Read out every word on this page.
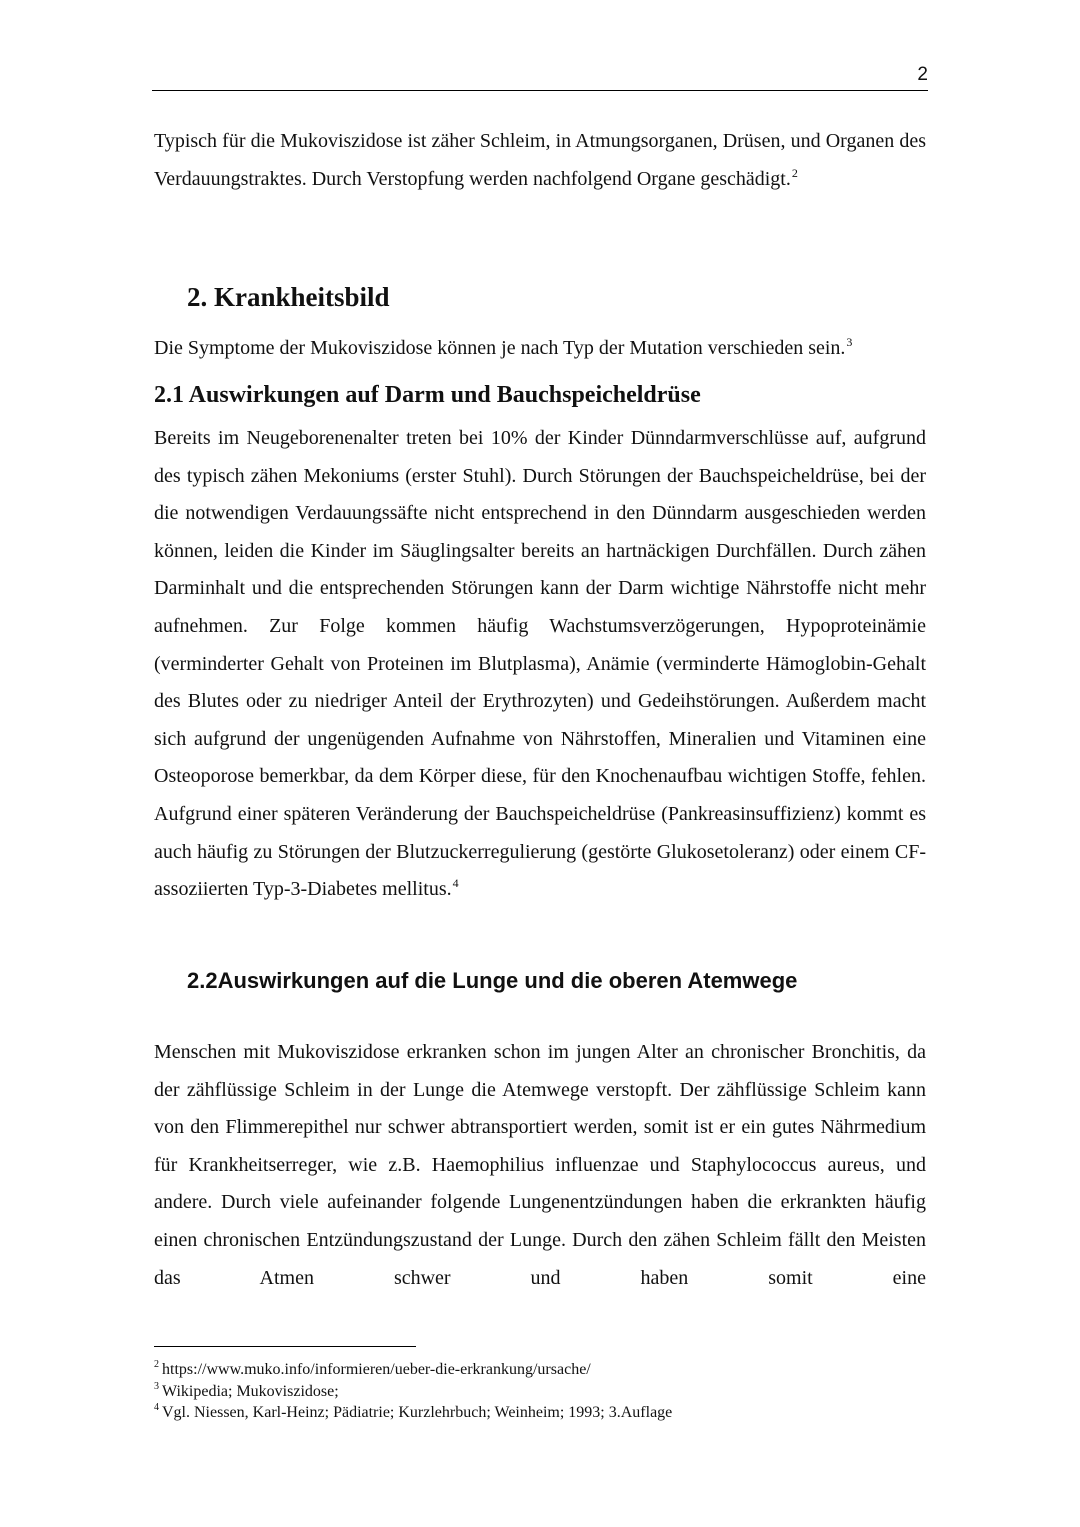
2

Typisch für die Mukoviszidose ist zäher Schleim, in Atmungsorganen, Drüsen, und Organen des Verdauungstraktes. Durch Verstopfung werden nachfolgend Organe geschädigt.$^2$

2. Krankheitsbild

Die Symptome der Mukoviszidose können je nach Typ der Mutation verschieden sein.$^3$

2.1 Auswirkungen auf Darm und Bauchspeicheldrüse

Bereits im Neugeborenenalter treten bei 10% der Kinder Dünndarmverschlüsse auf, aufgrund des typisch zähen Mekoniums (erster Stuhl). Durch Störungen der Bauchspeicheldrüse, bei der die notwendigen Verdauungssäfte nicht entsprechend in den Dünndarm ausgeschieden werden können, leiden die Kinder im Säuglingsalter bereits an hartnäckigen Durchfällen. Durch zähen Darminhalt und die entsprechenden Störungen kann der Darm wichtige Nährstoffe nicht mehr aufnehmen. Zur Folge kommen häufig Wachstumsverzögerungen, Hypoproteinämie (verminderter Gehalt von Proteinen im Blutplasma), Anämie (verminderte Hämoglobin-Gehalt des Blutes oder zu niedriger Anteil der Erythrozyten) und Gedeihstörungen. Außerdem macht sich aufgrund der ungenügenden Aufnahme von Nährstoffen, Mineralien und Vitaminen eine Osteoporose bemerkbar, da dem Körper diese, für den Knochenaufbau wichtigen Stoffe, fehlen. Aufgrund einer späteren Veränderung der Bauchspeicheldrüse (Pankreasinsuffizienz) kommt es auch häufig zu Störungen der Blutzuckerregulierung (gestörte Glukosetoleranz) oder einem CF-assoziierten Typ-3-Diabetes mellitus.$^4$

2.2Auswirkungen auf die Lunge und die oberen Atemwege

Menschen mit Mukoviszidose erkranken schon im jungen Alter an chronischer Bronchitis, da der zähflüssige Schleim in der Lunge die Atemwege verstopft. Der zähflüssige Schleim kann von den Flimmerepithel nur schwer abtransportiert werden, somit ist er ein gutes Nährmedium für Krankheitserreger, wie z.B. Haemophilius influenzae und Staphylococcus aureus, und andere. Durch viele aufeinander folgende Lungenentzündungen haben die erkrankten häufig einen chronischen Entzündungszustand der Lunge. Durch den zähen Schleim fällt den Meisten das Atmen schwer und haben somit eine

$^2$ https://www.muko.info/informieren/ueber-die-erkrankung/ursache/
$^3$ Wikipedia; Mukoviszidose;
$^4$ Vgl. Niessen, Karl-Heinz; Pädiatrie; Kurzlehrbuch; Weinheim; 1993; 3.Auflage
